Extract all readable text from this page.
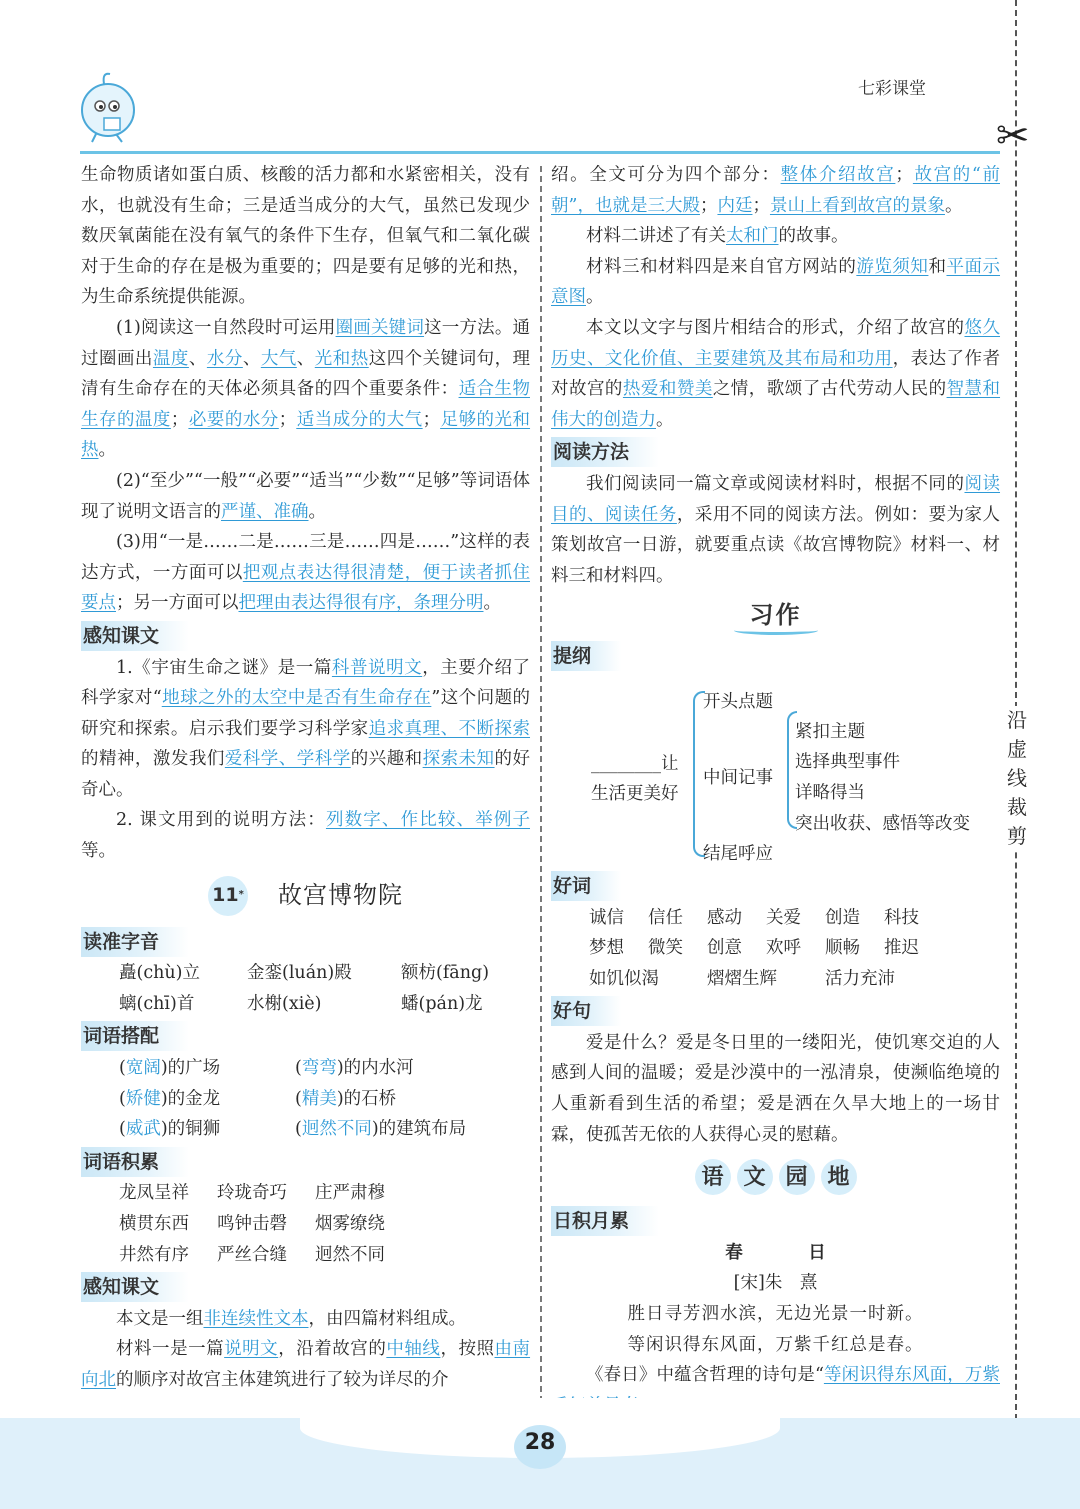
七彩课堂
✂
沿
虚
线
裁
剪

生命物质诸如蛋白质、核酸的活力都和水紧密相关，没有水，也就没有生命；三是适当成分的大气，虽然已发现少数厌氧菌能在没有氧气的条件下生存，但氧气和二氧化碳对于生命的存在是极为重要的；四是要有足够的光和热，为生命系统提供能源。

(1)阅读这一自然段时可运用圈画关键词这一方法。通过圈画出温度、水分、大气、光和热这四个关键词句，理清有生命存在的天体必须具备的四个重要条件：适合生物生存的温度；必要的水分；适当成分的大气；足够的光和热。

(2)“至少”“一般”“必要”“适当”“少数”“足够”等词语体现了说明文语言的严谨、准确。

(3)用“一是……二是……三是……四是……”这样的表达方式，一方面可以把观点表达得很清楚，便于读者抓住要点；另一方面可以把理由表达得很有序，条理分明。

感知课文

1.《宇宙生命之谜》是一篇科普说明文，主要介绍了科学家对“地球之外的太空中是否有生命存在”这个问题的研究和探索。启示我们要学习科学家追求真理、不断探索的精神，激发我们爱科学、学科学的兴趣和探索未知的好奇心。

2. 课文用到的说明方法：列数字、作比较、举例子等。

11 * 故宫博物院
读准字音
矗(chù)立	金銮(luán)殿	额枋(fāng)
螭(chī)首	水榭(xiè)	蟠(pán)龙
词语搭配
(宽阔)的广场	(弯弯)的内水河
(矫健)的金龙	(精美)的石桥
(威武)的铜狮	(迥然不同)的建筑布局
词语积累
龙凤呈祥	玲珑奇巧	庄严肃穆
横贯东西	鸣钟击磬	烟雾缭绕
井然有序	严丝合缝	迥然不同
感知课文

本文是一组非连续性文本，由四篇材料组成。

材料一是一篇说明文，沿着故宫的中轴线，按照由南向北的顺序对故宫主体建筑进行了较为详尽的介

绍。全文可分为四个部分：整体介绍故宫；故宫的“前朝”，也就是三大殿；内廷；景山上看到故宫的景象。

材料二讲述了有关太和门的故事。

材料三和材料四是来自官方网站的游览须知和平面示意图。

本文以文字与图片相结合的形式，介绍了故宫的悠久历史、文化价值、主要建筑及其布局和功用，表达了作者对故宫的热爱和赞美之情，歌颂了古代劳动人民的智慧和伟大的创造力。

阅读方法

我们阅读同一篇文章或阅读材料时，根据不同的阅读目的、阅读任务，采用不同的阅读方法。例如：要为家人策划故宫一日游，就要重点读《故宫博物院》材料一、材料三和材料四。

习作
提纲
________让
生活更美好
开头点题
中间记事
结尾呼应
紧扣主题
选择典型事件
详略得当
突出收获、感悟等改变
好词
诚信	信任	感动	关爱	创造	科技
梦想	微笑	创意	欢呼	顺畅	推迟
如饥似渴	熠熠生辉	活力充沛
好句

爱是什么？爱是冬日里的一缕阳光，使饥寒交迫的人感到人间的温暖；爱是沙漠中的一泓清泉，使濒临绝境的人重新看到生活的希望；爱是洒在久旱大地上的一场甘霖，使孤苦无依的人获得心灵的慰藉。

语 文 园 地
日积月累
春　日
[宋]朱　熹
胜日寻芳泗水滨，无边光景一时新。
等闲识得东风面，万紫千红总是春。

《春日》中蕴含哲理的诗句是“等闲识得东风面，万紫

28
